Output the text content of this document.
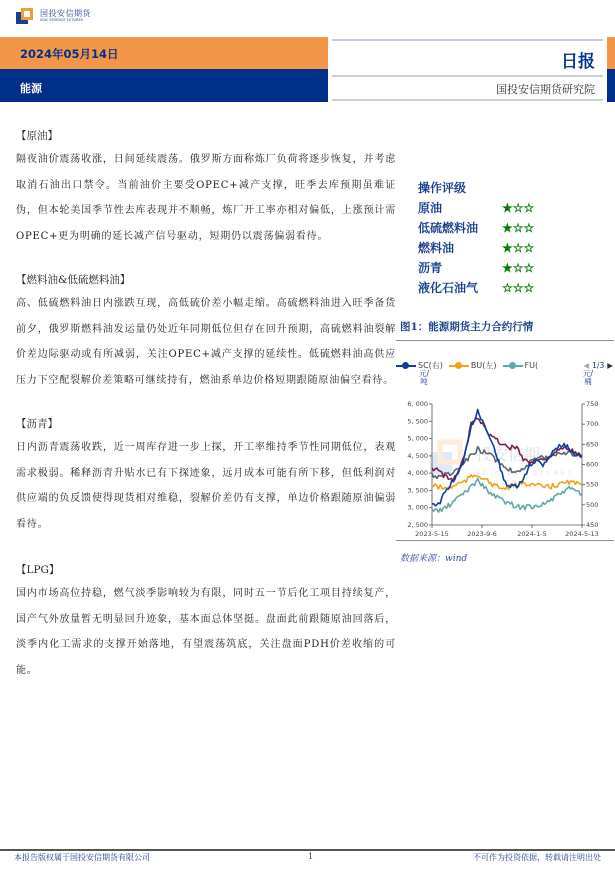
国投安信期货
SDIC ESSENCE FUTURES
2024年05月14日
能源
日报
国投安信期货研究院
【原油】
隔夜油价震荡收涨，日间延续震荡。俄罗斯方面称炼厂负荷将逐步恢复，并考虑取消石油出口禁令。当前油价主要受OPEC+减产支撑，旺季去库预期虽难证伪，但本轮美国季节性去库表现并不顺畅，炼厂开工率亦相对偏低，上涨预计需OPEC+更为明确的延长减产信号驱动，短期仍以震荡偏弱看待。
【燃料油&低硫燃料油】
高、低硫燃料油日内涨跌互现，高低硫价差小幅走缩。高硫燃料油进入旺季备货前夕，俄罗斯燃料油发运量仍处近年同期低位但存在回升预期，高硫燃料油裂解价差边际驱动或有所减弱，关注OPEC+减产支撑的延续性。低硫燃料油高供应压力下空配裂解价差策略可继续持有，燃油系单边价格短期跟随原油偏空看待。
【沥青】
日内沥青震荡收跌，近一周库存进一步上探，开工率维持季节性同期低位，表观需求极弱。稀释沥青升贴水已有下探迹象，远月成本可能有所下移，但低利润对供应端的负反馈使得现货相对维稳，裂解价差仍有支撑，单边价格跟随原油偏弱看待。
【LPG】
国内市场高位持稳，燃气淡季影响较为有限，同时五一节后化工项目持续复产，国产气外放量暂无明显回升迹象，基本面总体坚挺。盘面此前跟随原油回落后，淡季内化工需求的支撑开始落地，有望震荡筑底，关注盘面PDH价差收缩的可能。
操作评级
原油	★☆☆
低硫燃料油	★☆☆
燃料油	★☆☆
沥青	★☆☆
液化石油气	☆☆☆
图1：能源期货主力合约行情
SC(右)	BU(左)	FU(	◀ 1/3 ▶
元/吨
元/桶
投安信期
SDIC ES FUTURES
2, 500
3, 000
3, 500
4, 000
4, 500
5, 000
5, 500
6, 000
450
500
550
600
650
700
750
2023-5-15	2023-9-6	2024-1-5	2024-5-13
数据来源：wind
本报告版权属于国投安信期货有限公司	1	不可作为投资依据，转载请注明出处
